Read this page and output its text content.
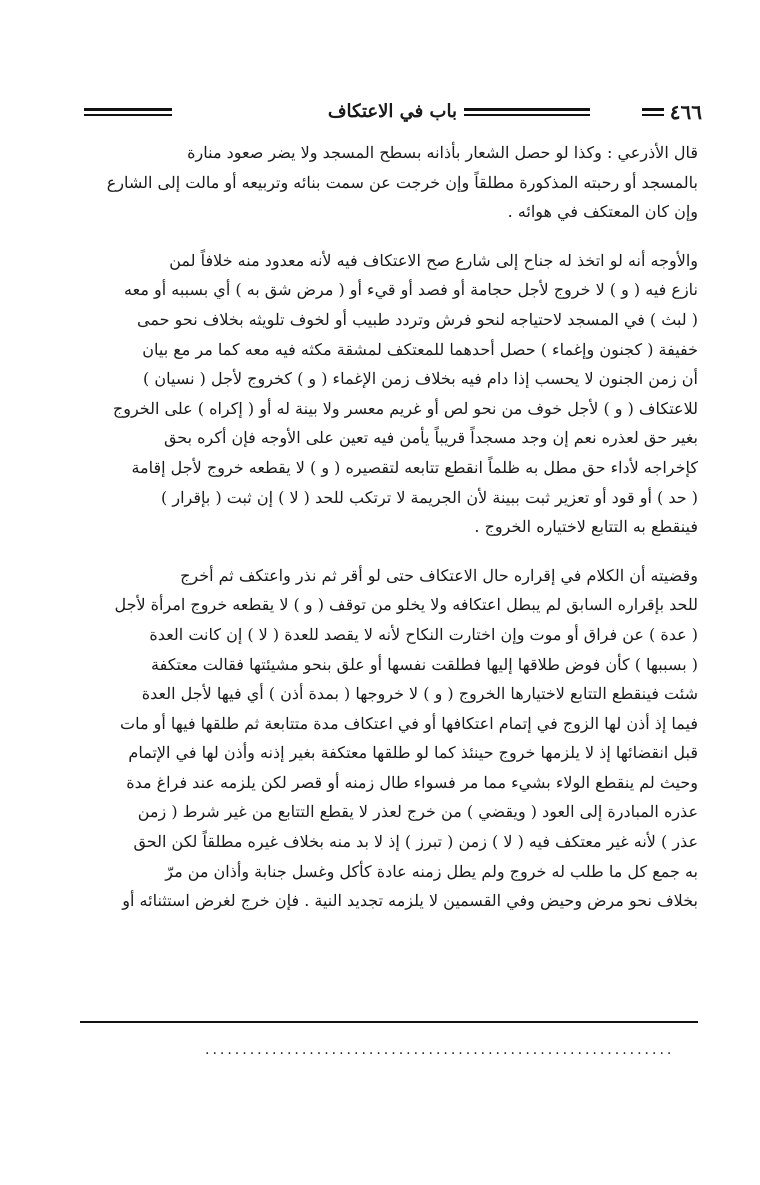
٤٦٦
باب في الاعتكاف
قال الأذرعي : وكذا لو حصل الشعار بأذانه بسطح المسجد ولا يضر صعود منارة
بالمسجد أو رحبته المذكورة مطلقاً وإن خرجت عن سمت بنائه وتربيعه أو مالت إلى الشارع
وإن كان المعتكف في هوائه .
والأوجه أنه لو اتخذ له جناح إلى شارع صح الاعتكاف فيه لأنه معدود منه خلافاً لمن
نازع فيه ( و ) لا خروج لأجل حجامة أو فصد أو قيء أو ( مرض شق به ) أي بسببه أو معه
( لبث ) في المسجد لاحتياجه لنحو فرش وتردد طبيب أو لخوف تلويثه بخلاف نحو حمى
خفيفة ( كجنون وإغماء ) حصل أحدهما للمعتكف لمشقة مكثه فيه معه كما مر مع بيان
أن زمن الجنون لا يحسب إذا دام فيه بخلاف زمن الإغماء ( و ) كخروج لأجل ( نسيان )
للاعتكاف ( و ) لأجل خوف من نحو لص أو غريم معسر ولا بينة له أو ( إكراه ) على الخروج
بغير حق لعذره نعم إن وجد مسجداً قريباً يأمن فيه تعين على الأوجه فإن أكره بحق
كإخراجه لأداء حق مطل به ظلماً انقطع تتابعه لتقصيره ( و ) لا يقطعه خروج لأجل إقامة
( حد ) أو قود أو تعزير ثبت ببينة لأن الجريمة لا ترتكب للحد ( لا ) إن ثبت ( بإقرار )
فينقطع به التتابع لاختياره الخروج .
وقضيته أن الكلام في إقراره حال الاعتكاف حتى لو أقر ثم نذر واعتكف ثم أخرج
للحد بإقراره السابق لم يبطل اعتكافه ولا يخلو من توقف ( و ) لا يقطعه خروج امرأة لأجل
( عدة ) عن فراق أو موت وإن اختارت النكاح لأنه لا يقصد للعدة ( لا ) إن كانت العدة
( بسببها ) كأن فوض طلاقها إليها فطلقت نفسها أو علق بنحو مشيئتها فقالت معتكفة
شئت فينقطع التتابع لاختيارها الخروج ( و ) لا خروجها ( بمدة أذن ) أي فيها لأجل العدة
فيما إذ أذن لها الزوج في إتمام اعتكافها أو في اعتكاف مدة متتابعة ثم طلقها فيها أو مات
قبل انقضائها إذ لا يلزمها خروج حينئذ كما لو طلقها معتكفة بغير إذنه وأذن لها في الإتمام
وحيث لم ينقطع الولاء بشيء مما مر فسواء طال زمنه أو قصر لكن يلزمه عند فراغ مدة
عذره المبادرة إلى العود ( ويقضي ) من خرج لعذر لا يقطع التتابع من غير شرط ( زمن
عذر ) لأنه غير معتكف فيه ( لا ) زمن ( تبرز ) إذ لا بد منه بخلاف غيره مطلقاً لكن الحق
به جمع كل ما طلب له خروج ولم يطل زمنه عادة كأكل وغسل جنابة وأذان من مرّ
بخلاف نحو مرض وحيض وفي القسمين لا يلزمه تجديد النية . فإن خرج لغرض استثنائه أو
...............................................................
